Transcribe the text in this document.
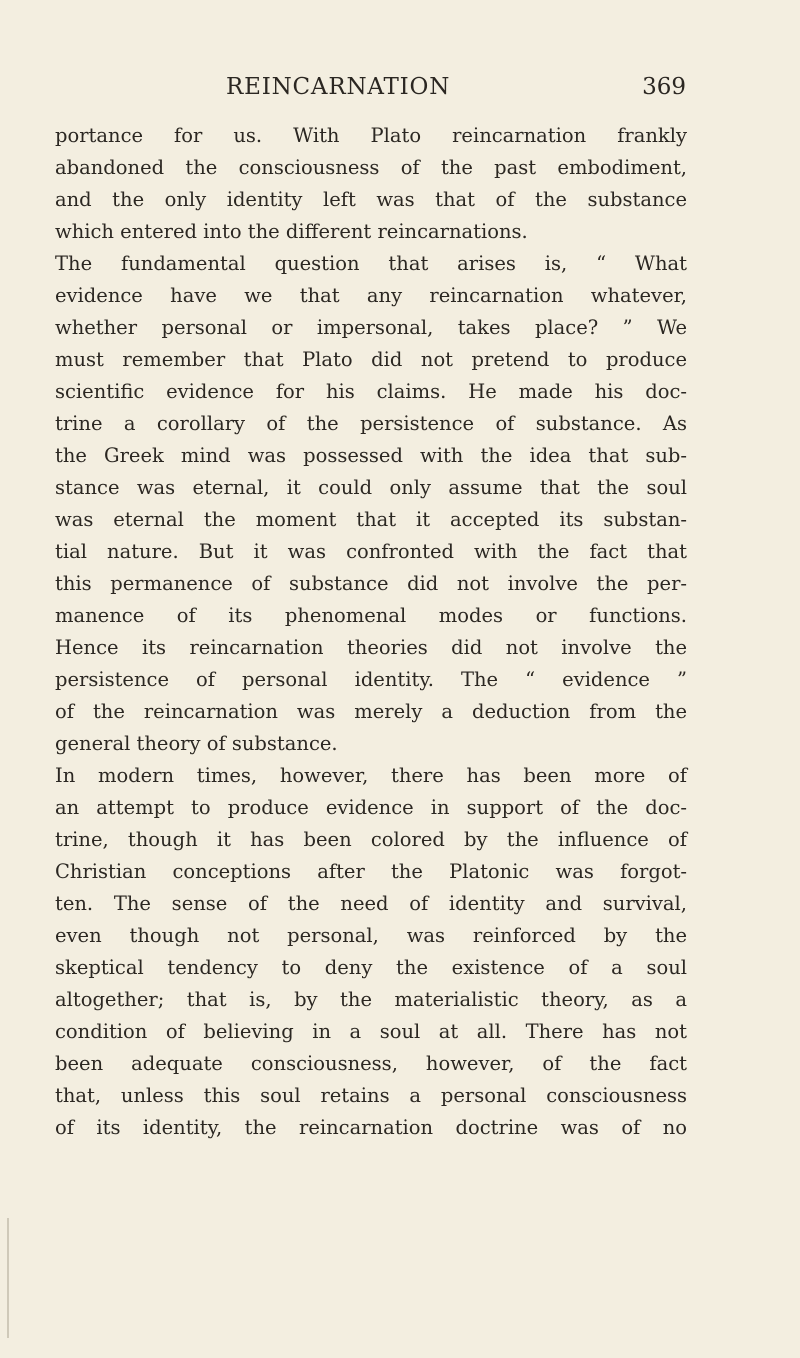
REINCARNATION	369
portance for us. With Plato reincarnation frankly
abandoned the consciousness of the past embodiment,
and the only identity left was that of the substance
which entered into the different reincarnations.
The fundamental question that arises is, “ What
evidence have we that any reincarnation whatever,
whether personal or impersonal, takes place? ” We
must remember that Plato did not pretend to produce
scientific evidence for his claims. He made his doc-
trine a corollary of the persistence of substance. As
the Greek mind was possessed with the idea that sub-
stance was eternal, it could only assume that the soul
was eternal the moment that it accepted its substan-
tial nature. But it was confronted with the fact that
this permanence of substance did not involve the per-
manence of its phenomenal modes or functions.
Hence its reincarnation theories did not involve the
persistence of personal identity. The “ evidence ”
of the reincarnation was merely a deduction from the
general theory of substance.
In modern times, however, there has been more of
an attempt to produce evidence in support of the doc-
trine, though it has been colored by the influence of
Christian conceptions after the Platonic was forgot-
ten. The sense of the need of identity and survival,
even though not personal, was reinforced by the
skeptical tendency to deny the existence of a soul
altogether; that is, by the materialistic theory, as a
condition of believing in a soul at all. There has not
been adequate consciousness, however, of the fact
that, unless this soul retains a personal consciousness
of its identity, the reincarnation doctrine was of no
